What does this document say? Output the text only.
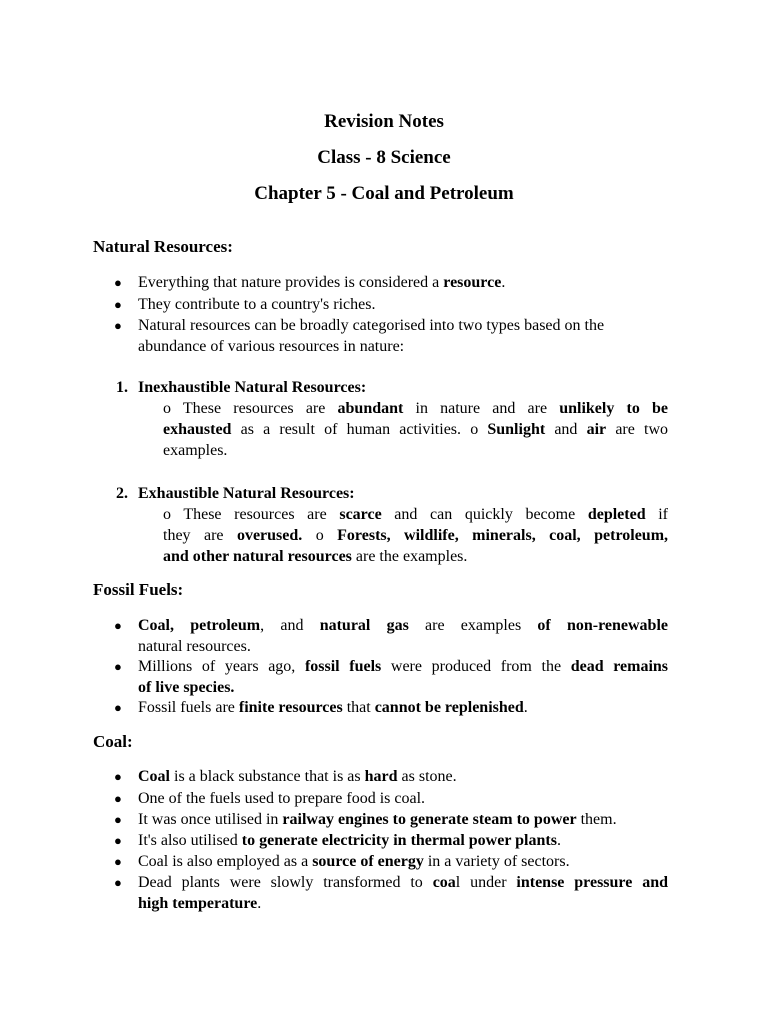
Revision Notes
Class - 8 Science
Chapter 5 - Coal and Petroleum
Natural Resources:
● Everything that nature provides is considered a resource.
● They contribute to a country's riches.
● Natural resources can be broadly categorised into two types based on the
abundance of various resources in nature:
1. Inexhaustible Natural Resources:
o These resources are abundant in nature and are unlikely to be
exhausted as a result of human activities. o Sunlight and air are two
examples.
2. Exhaustible Natural Resources:
o These resources are scarce and can quickly become depleted if
they are overused. o Forests, wildlife, minerals, coal, petroleum,
and other natural resources are the examples.
Fossil Fuels:
● Coal, petroleum, and natural gas are examples of non-renewable
natural resources.
● Millions of years ago, fossil fuels were produced from the dead remains
of live species.
● Fossil fuels are finite resources that cannot be replenished.
Coal:
● Coal is a black substance that is as hard as stone.
● One of the fuels used to prepare food is coal.
● It was once utilised in railway engines to generate steam to power them.
● It's also utilised to generate electricity in thermal power plants.
● Coal is also employed as a source of energy in a variety of sectors.
● Dead plants were slowly transformed to coal under intense pressure and
high temperature.
